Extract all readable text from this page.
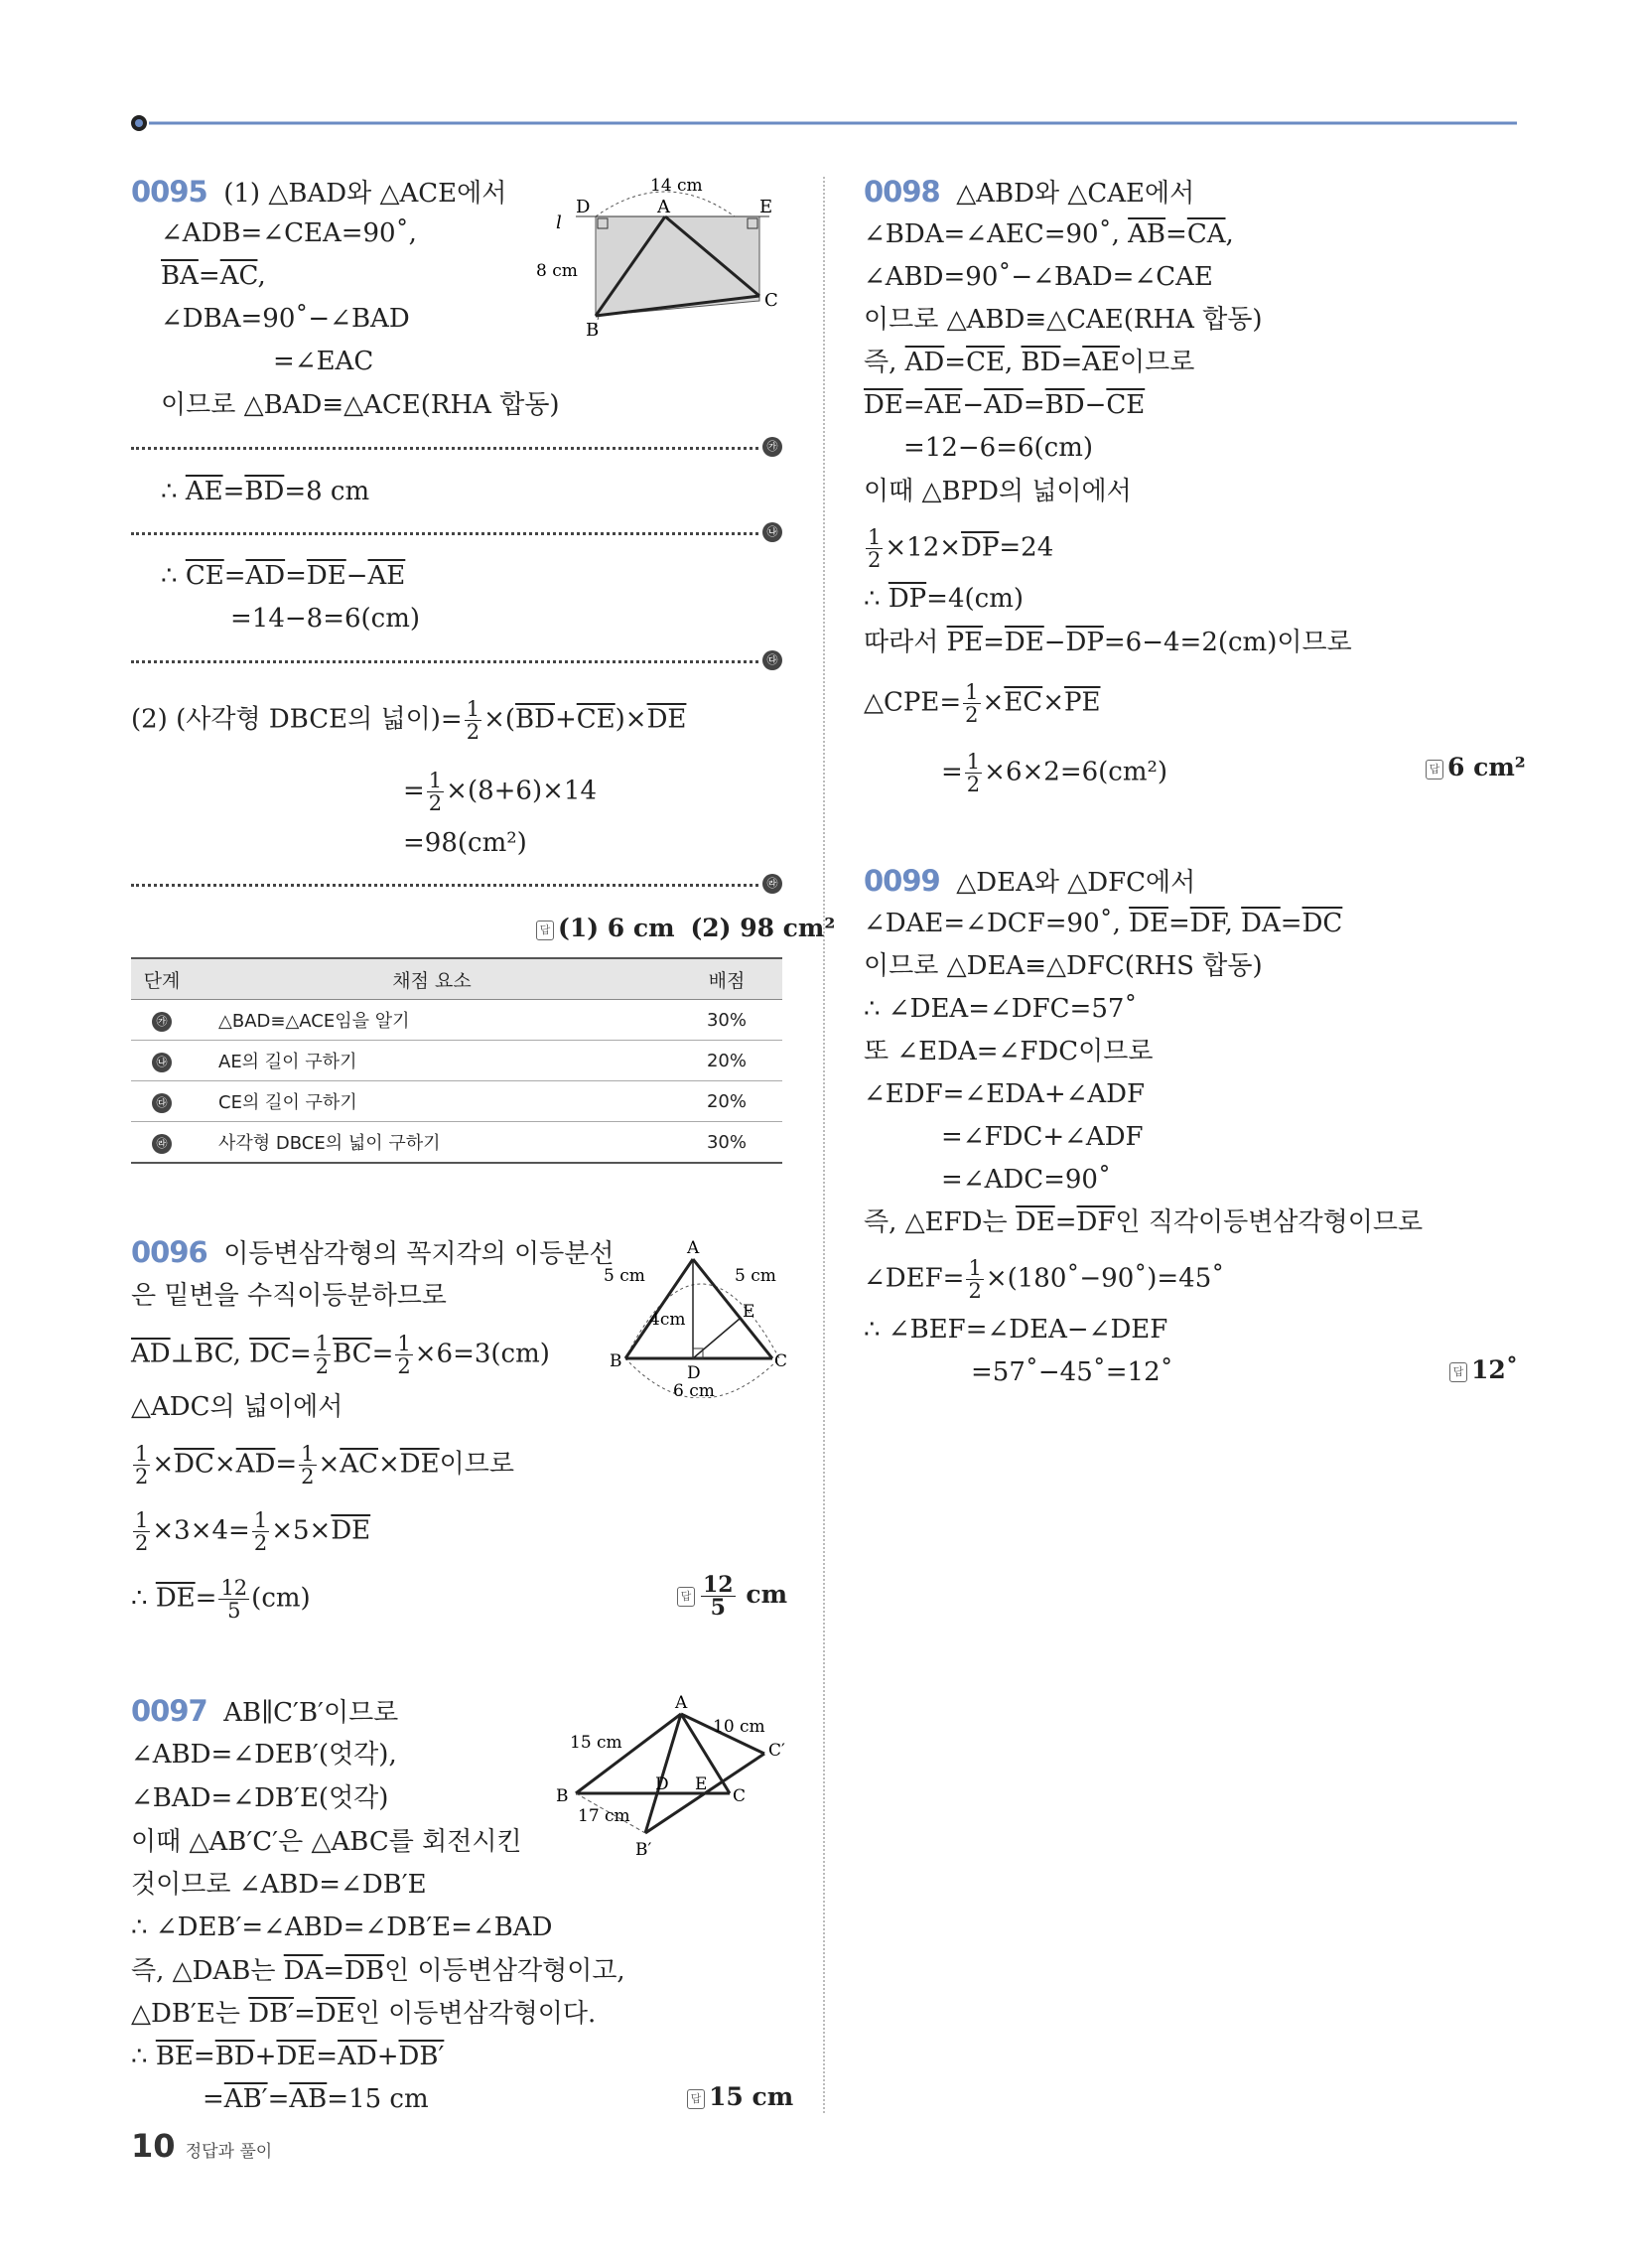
0095 (1) △BAD와 △ACE에서
∠ADB=∠CEA=90˚,
$\overline{BA}=\overline{AC}$,
∠DBA=90˚−∠BAD
=∠EAC
이므로 △BAD≡△ACE(RHA 합동)
l
D	A	E
B
C
14 cm
8 cm
㉮
∴ $\overline{AE}=\overline{BD}=8$ cm
㉯
∴ $\overline{CE}=\overline{AD}=\overline{DE}-\overline{AE}$
=14−8=6(cm)
㉰
(2) (사각형 DBCE의 넓이)= $\frac{1}{2} \times(\overline{BD}+\overline{CE})\times\overline{DE}$
= $\frac{1}{2} \times(8+6)\times 14$
=98(cm²)
㉱
답 (1) 6 cm (2) 98 cm²
단계	채점 요소	배점
㉮	△BAD≡△ACE임을 알기	30%
㉯	AE의 길이 구하기	20%
㉰	CE의 길이 구하기	20%
㉱	사각형 DBCE의 넓이 구하기	30%
0096 이등변삼각형의 꼭지각의 이등분선
은 밑변을 수직이등분하므로
$\overline{AD}\perp\overline{BC}$, $\overline{DC}= \frac{1}{2} \overline{BC}= \frac{1}{2} \times 6=3(cm)$
△ADC의 넓이에서
$\frac{1}{2} \times\overline{DC}\times\overline{AD}= \frac{1}{2} \times\overline{AC}\times\overline{DE}$이므로
$\frac{1}{2} \times 3\times 4= \frac{1}{2} \times 5\times\overline{DE}$
∴ $\overline{DE}= \frac{12}{5} (cm)$	답 $\frac{12}{5}$ cm
A
B	C
D
E
5 cm	5 cm
4cm
6 cm
0097 AB∥C′B′이므로
∠ABD=∠DEB′(엇각),
∠BAD=∠DB′E(엇각)
이때 △AB′C′은 △ABC를 회전시킨
것이므로 ∠ABD=∠DB′E
∴ ∠DEB′=∠ABD=∠DB′E=∠BAD
즉, △DAB는 $\overline{DA}=\overline{DB}$인 이등변삼각형이고,
△DB′E는 $DB'=\overline{DE}$인 이등변삼각형이다.
∴ $\overline{BE}=\overline{BD}+\overline{DE}=\overline{AD}+DB'$
$=AB'=\overline{AB}=15$ cm	답 15 cm
A
B	C
D E
C′
B′
15 cm
10 cm
17 cm
0098 △ABD와 △CAE에서
∠BDA=∠AEC=90˚, $\overline{AB}=\overline{CA}$,
∠ABD=90˚−∠BAD=∠CAE
이므로 △ABD≡△CAE(RHA 합동)
즉, $\overline{AD}=\overline{CE}$, $\overline{BD}=\overline{AE}$이므로
$\overline{DE}=\overline{AE}-\overline{AD}=\overline{BD}-\overline{CE}$
=12−6=6(cm)
이때 △BPD의 넓이에서
$\frac{1}{2} \times 12\times\overline{DP}=24$
∴ $\overline{DP}=4(cm)$
따라서 $\overline{PE}=\overline{DE}-\overline{DP}=6-4=2(cm)$이므로
△CPE= $\frac{1}{2} \times\overline{EC}\times\overline{PE}$
= $\frac{1}{2} \times 6\times 2=6(cm^2)$	답 6 cm²
0099 △DEA와 △DFC에서
∠DAE=∠DCF=90˚, $\overline{DE}=\overline{DF}$, $\overline{DA}=\overline{DC}$
이므로 △DEA≡△DFC(RHS 합동)
∴ ∠DEA=∠DFC=57˚
또 ∠EDA=∠FDC이므로
∠EDF=∠EDA+∠ADF
=∠FDC+∠ADF
=∠ADC=90˚
즉, △EFD는 $\overline{DE}=\overline{DF}$인 직각이등변삼각형이므로
∠DEF= $\frac{1}{2}$ ×(180˚−90˚)=45˚
∴ ∠BEF=∠DEA−∠DEF
=57˚−45˚=12˚	답 12˚
10 정답과 풀이
